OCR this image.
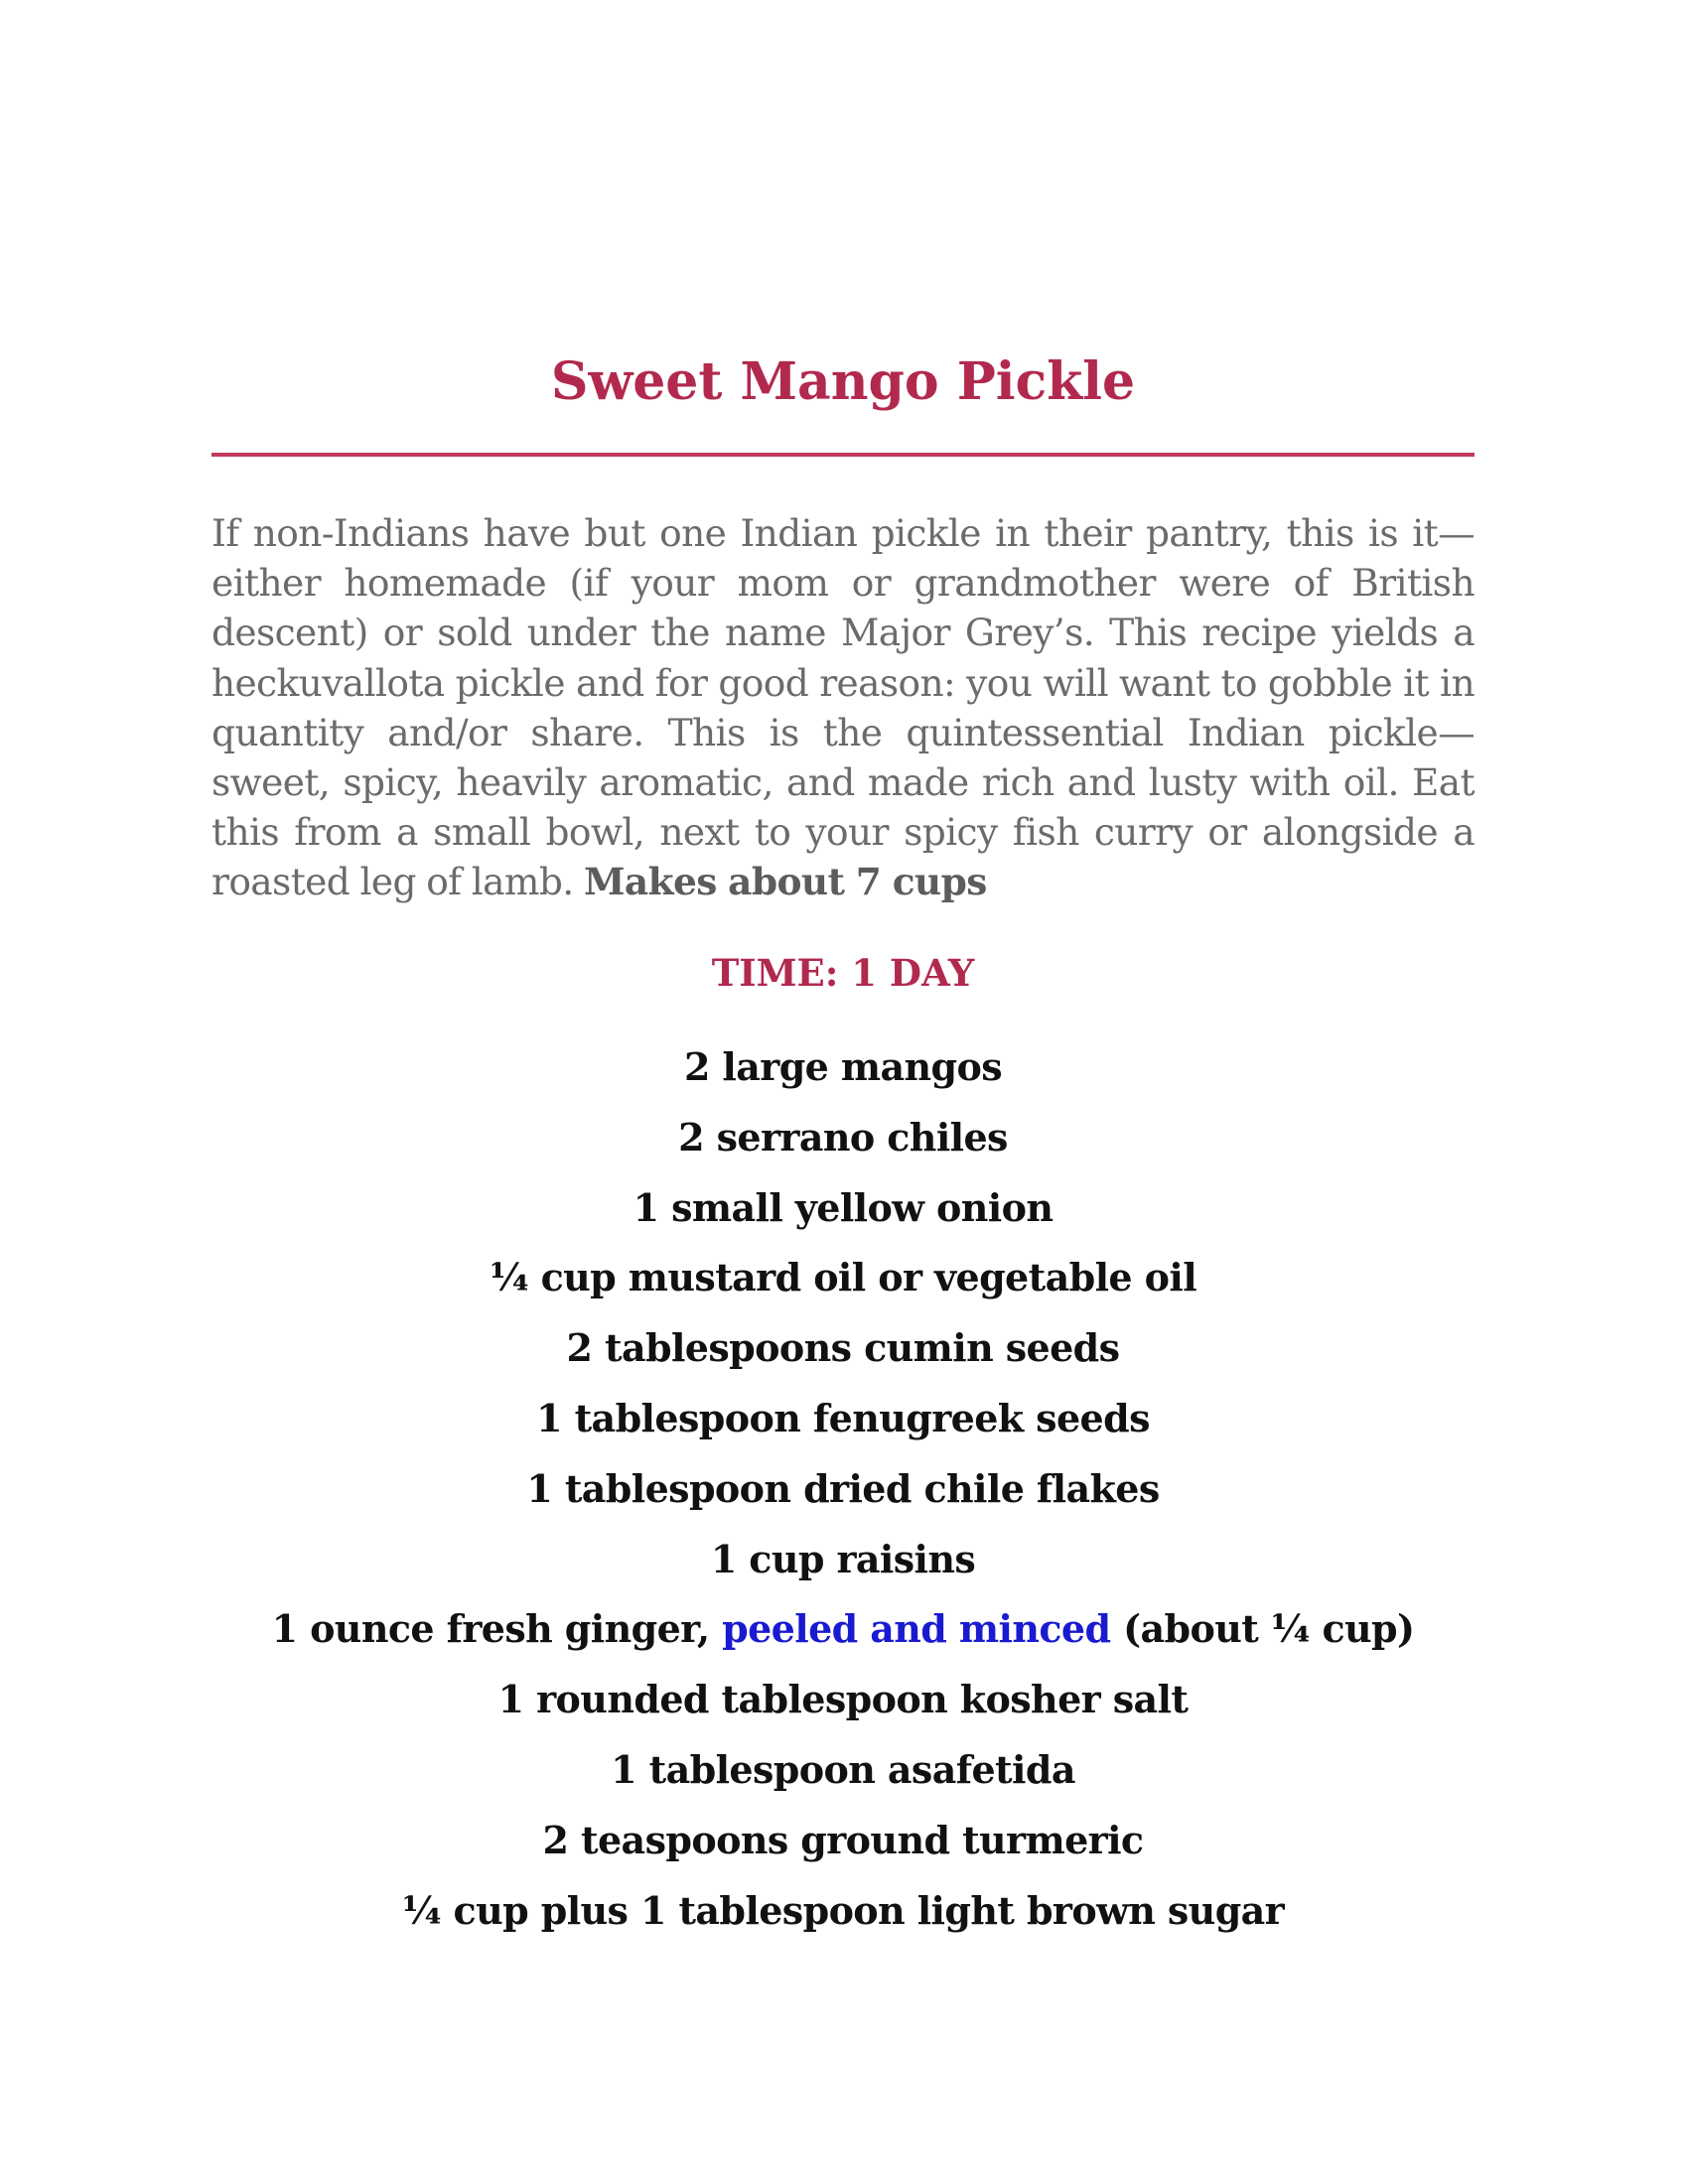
Sweet Mango Pickle

If non-Indians have but one Indian pickle in their pantry, this is it—either homemade (if your mom or grandmother were of British descent) or sold under the name Major Grey’s. This recipe yields a heckuvallota pickle and for good reason: you will want to gobble it in quantity and/or share. This is the quintessential Indian pickle—sweet, spicy, heavily aromatic, and made rich and lusty with oil. Eat this from a small bowl, next to your spicy fish curry or alongside a roasted leg of lamb. Makes about 7 cups

TIME: 1 DAY
2 large mangos
2 serrano chiles
1 small yellow onion
¼ cup mustard oil or vegetable oil
2 tablespoons cumin seeds
1 tablespoon fenugreek seeds
1 tablespoon dried chile flakes
1 cup raisins
1 ounce fresh ginger, peeled and minced (about ¼ cup)
1 rounded tablespoon kosher salt
1 tablespoon asafetida
2 teaspoons ground turmeric
¼ cup plus 1 tablespoon light brown sugar
